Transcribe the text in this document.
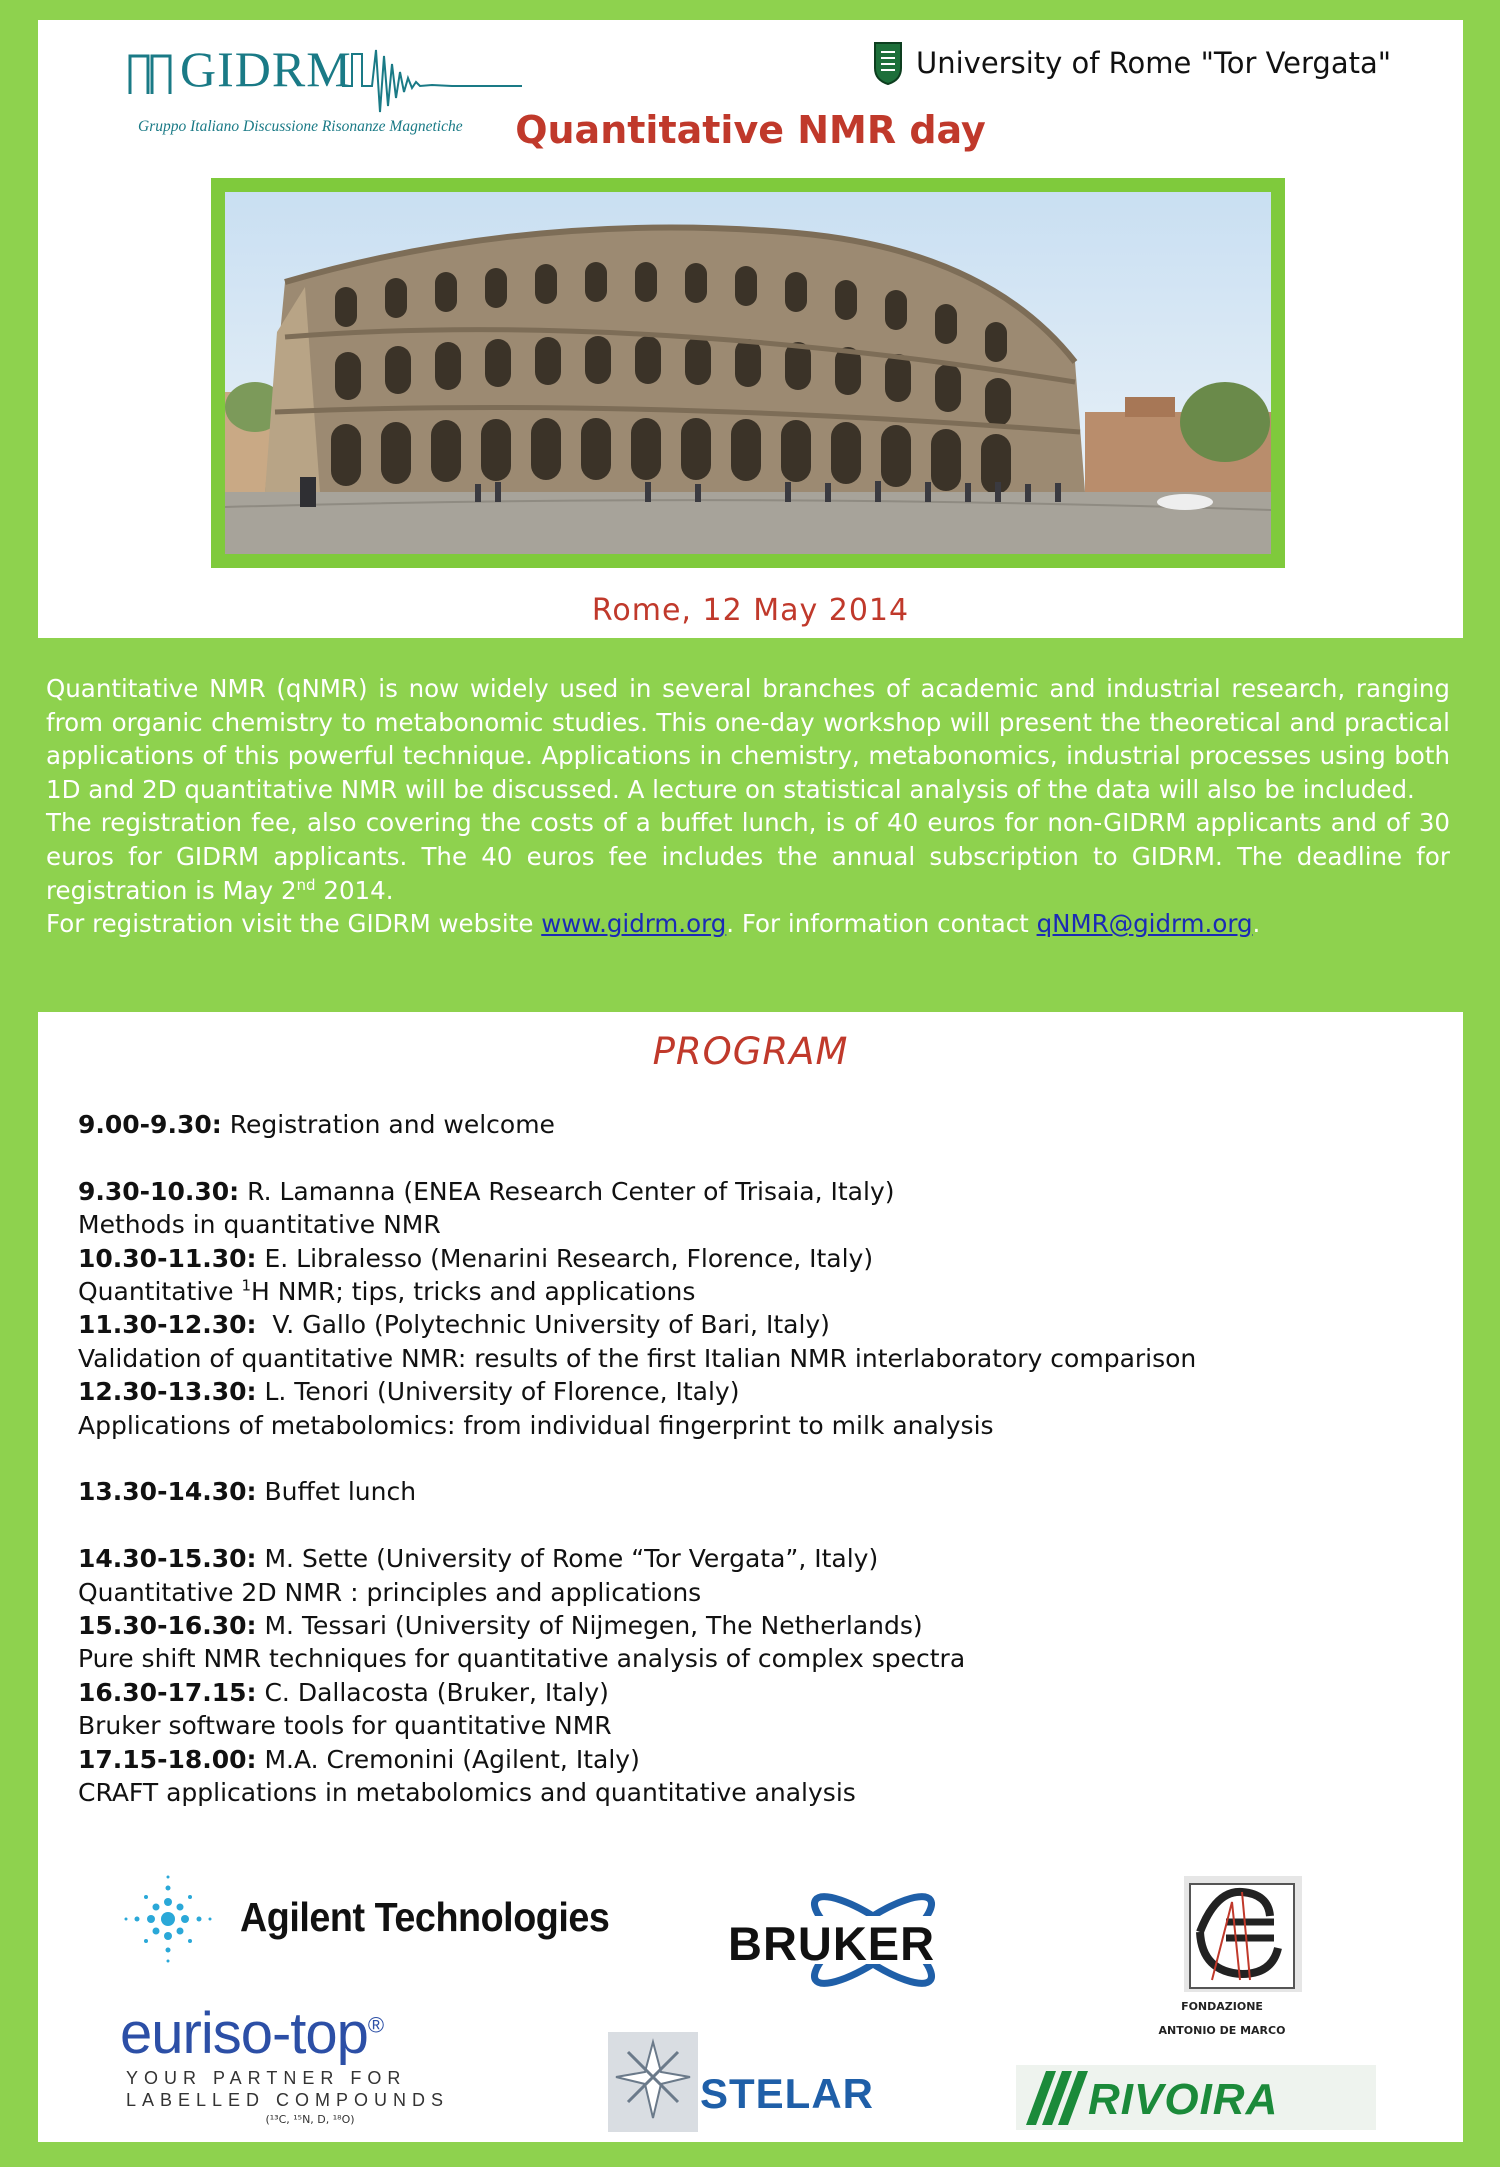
GIDRM
Gruppo Italiano Discussione Risonanze Magnetiche
University of Rome "Tor Vergata"
Quantitative NMR day
Rome, 12 May 2014

Quantitative NMR (qNMR) is now widely used in several branches of academic and industrial research, ranging from organic chemistry to metabonomic studies. This one-day workshop will present the theoretical and practical applications of this powerful technique. Applications in chemistry, metabonomics, industrial processes using both 1D and 2D quantitative NMR will be discussed. A lecture on statistical analysis of the data will also be included.

The registration fee, also covering the costs of a buffet lunch, is of 40 euros for non-GIDRM applicants and of 30 euros for GIDRM applicants. The 40 euros fee includes the annual subscription to GIDRM. The deadline for registration is May 2nd 2014.

For registration visit the GIDRM website www.gidrm.org. For information contact qNMR@gidrm.org.

PROGRAM
9.00-9.30: Registration and welcome
9.30-10.30: R. Lamanna (ENEA Research Center of Trisaia, Italy)
Methods in quantitative NMR
10.30-11.30: E. Libralesso (Menarini Research, Florence, Italy)
Quantitative $^1$H NMR; tips, tricks and applications
11.30-12.30:  V. Gallo (Polytechnic University of Bari, Italy)
Validation of quantitative NMR: results of the first Italian NMR interlaboratory comparison
12.30-13.30: L. Tenori (University of Florence, Italy)
Applications of metabolomics: from individual fingerprint to milk analysis
13.30-14.30: Buffet lunch
14.30-15.30: M. Sette (University of Rome “Tor Vergata”, Italy)
Quantitative 2D NMR : principles and applications
15.30-16.30: M. Tessari (University of Nijmegen, The Netherlands)
Pure shift NMR techniques for quantitative analysis of complex spectra
16.30-17.15: C. Dallacosta (Bruker, Italy)
Bruker software tools for quantitative NMR
17.15-18.00: M.A. Cremonini (Agilent, Italy)
CRAFT applications in metabolomics and quantitative analysis
Agilent Technologies	BRUKER
FONDAZIONE
ANTONIO DE MARCO
euriso-top®
YOUR PARTNER FOR
LABELLED COMPOUNDS
(¹³C, ¹⁵N, D, ¹⁸O)
STELAR	RIVOIRA
